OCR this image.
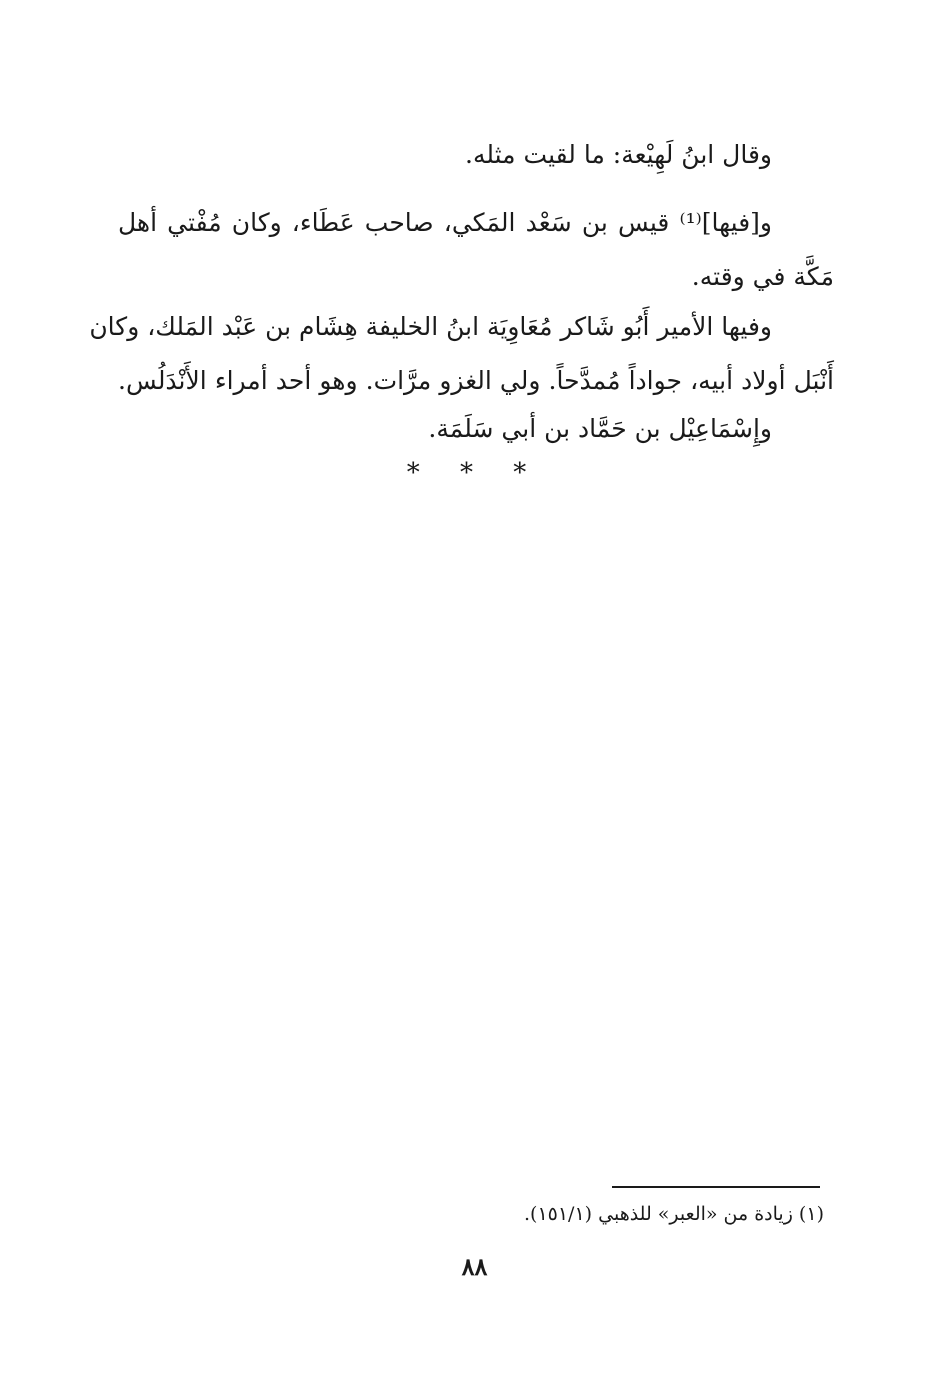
وقال ابنُ لَهِيْعة: ما لقيت مثله.
و[فيها]⁽¹⁾ قيس بن سَعْد المَكي، صاحب عَطَاء، وكان مُفْتي أهل
مَكَّة في وقته.
وفيها الأمير أَبُو شَاكر مُعَاوِيَة ابنُ الخليفة هِشَام بن عَبْد المَلك، وكان
أَنْبَل أولاد أبيه، جواداً مُمدَّحاً. ولي الغزو مرَّات. وهو أحد أمراء الأَنْدَلُس.
وإِسْمَاعِيْل بن حَمَّاد بن أبي سَلَمَة.
* * *
(١) زيادة من «العبر» للذهبي (١٥١/١).
٨٨
